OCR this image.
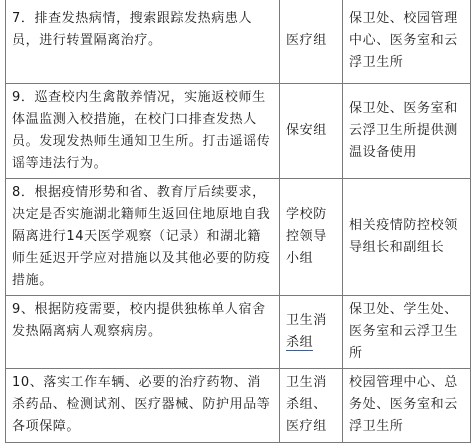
7．排查发热病情，搜索跟踪发热病患人员，进行转置隔离治疗。	医疗组	保卫处、校园管理中心、医务室和云浮卫生所
9．巡查校内生禽散养情况，实施返校师生体温监测入校措施，在校门口排查发热人员。发现发热师生通知卫生所。打击遥谣传谣等违法行为。	保安组	保卫处、医务室和云浮卫生所提供测温设备使用
8．根据疫情形势和省、教育厅后续要求，决定是否实施湖北籍师生返回住地原地自我隔离进行14天医学观察（记录）和湖北籍师生延迟开学应对措施以及其他必要的防疫措施。	学校防控领导小组	相关疫情防控校领导组长和副组长
9、根据防疫需要，校内提供独栋单人宿舍发热隔离病人观察病房。	卫生消杀组	保卫处、学生处、医务室和云浮卫生所
10、落实工作车辆、必要的治疗药物、消杀药品、检测试剂、医疗器械、防护用品等各项保障。	卫生消杀组、医疗组	校园管理中心、总务处、医务室和云浮卫生所
